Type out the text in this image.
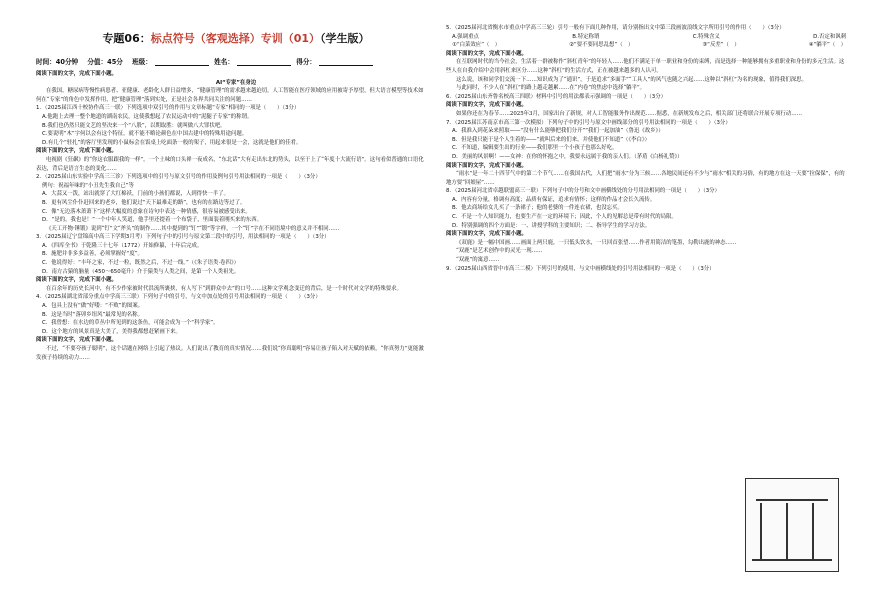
专题06：标点符号（客观选择）专训（01）（学生版）
时间：40分钟 分值：45分 班级：	姓名：	得分：
阅读下面的文字，完成下面小题。
AI“专家”在身边
在我国，糖尿病等慢性病患者、亚健康、老龄化人群日益增多，“健康管理”的需求越来越迫切。人工智能在医疗领域的应用被寄予厚望，但大语言模型等技术如何在“专家”的角色中发挥作用，把“健康管理”落到实处，正是社会各界共同关注的问题……
1．（2025届江西十校协作高三一联）下列选项中双引号的作用与文章标题“专家”相同的一项是（　　）（3分）
A.他跑上去理一整个地道的湖南农民，这使我想起了农民运动中的“泥腿子专家”的称谓。
B.我们也仍然只能文艺的坚决来一个“八股”，以期取胜：就叫做八大罪状吧。
C.要说明“木”字何以会有这个特征，就不能不略论颜色在中国古建中的特殊用途问题。
D.有几个“驻扎”的客厅里发现的小鼠标会在饭桌上吃面条一般的架子，用起来很是一会，这就是他们的佳肴。
阅读下面的文字，完成下面小题。
电视剧《狂飙》的“你这衣服跟我的一样”，一个土味的口头禅一夜成名，“东北话”大有走出东北的势头，以至于上了“年度十大流行语”。这句看似普通的口语化表达，背后是语言生态的变化……
2．（2025届山东实验中学高三三诊）下列选项中的引号与原文引号的作用及例句引号用法相同的一项是（　　）（3分）
例句：祝福年味的“小丑先生我自己”等
A．大蒜又一泼，站出就穿了大红棉袄，门前的小孩们都说，人到得快一半了。
B．更有风尘仆仆赶回来的老乡，他们说过“天下最难走的路”，也有的在路边等过了。
C．像“无边落木萧萧下”这样大幅度的意象在诗句中表达一种情感，很容易被感受出来。
D．“是的，我也是！”一个中年人笑道，他手里还提着一个布袋子，里面装着刚买来的东西。
《天工开物·锤锻》说到“钉”文“斧头”的制作……其中提到的“钉”“锻”等字样，一个“钉”字在不同语境中的意义并不相同……
3．（2025届辽宁盘锦高中高三下学期3月考）下列句子中的引号与原文第二段中的引号，用法相同的一项是（　　）（3分）
A．《四库全书》于乾隆三十七年（1772）开始修纂，十年后完成。
B．施肥并非多多益善，必须掌握好“度”。
C．他说得好：“丰年之家，不过一粒，既然之后，不过一线。”（《朱子语类·卷四》）
D．南方古猿的脑量（450～650毫升）介于猿类与人类之间，是第一个人类祖先。
阅读下面的文字，完成下面小题。
在百余年的历史长河中，有不少作家被时代洪流所裹挟，有人写下“到群众中去”的口号……这种文学观念变迁的背后，是一个时代对文学的特殊要求。
4．（2025届湖北省部分重点中学高三三联）下列句子中的引号，与文中加点处的引号用法相同的一项是（　　）（3分）
A．包具上没有“做”好喽：“不败”的图案。
B．这是当时“落卯乡纽风”最常见的名称。
C．我曾想：在水边的草丛中所见到的这条鱼，可能会成为一个“科学家”。
D．这个地方的风景真是大美了，美得我都想赶紧画下来。
阅读下面的文字，完成下面小题。
不过，“不要夸孩子聪明”，这个话题在网络上引起了热议。人们说出了教育的真实情况……我们说“你真聪明”容易让孩子陷入对天赋的依赖，“你真努力”更能激发孩子持续的动力……
5．（2025届河北省衡水市重点中学高三三轮）引号一般有下面几种作用，请分别指出文中第三段画波浪线文字所用引号的作用（　　）（3分）
A.强调重点	B.特定称谓	C.特殊含义	D.否定和讽刺
①“白菜效应”（　）	②“要不要同思乱想”（　）	③“反差”（　）	④“躺平”（　）
阅读下面的文字，完成下面小题。
在互联网时代的当今社会，生活着一群被称作“斜杠青年”的年轻人……他们不满足于单一职业和身份的束缚，而是选择一种能够拥有多重职业和身份的多元生活。这些人在自我介绍中会用斜杠来区分……这种“斜杠”的生活方式，正在被越来越多的人认可。
这么说，该和同学们交流一下……知识成为了“通识”，于是追求“多面手”“工具人”的风气也随之兴起……这种以“斜杠”为名的现象，值得我们深思。
与此同时，不少人在“斜杠”的路上越走越累……在“内卷”的焦虑中选择“躺平”。
6．（2025届山东齐鲁名校高三四联）材料中引号的用法都表示强调的一项是（　　）（3分）
阅读下面的文字，完成下面小题。
如果你还在为春节……2025年3月，国家出台了新规，对人工智能服务作出规范……据悉，在新规发布之后，相关部门还将联合开展专项行动……
7．（2025届江苏南京市高三第一次模拟）下列句子中的引号与原文中画线部分的引号用法相同的一项是（　　）（3分）
A．我准入到花朵来照取——“没有什么能够把我们分开”“我们一起加油”（鲁迅《故乡》）
B．但是我只能于是个人生着的——“就叫后来的们来，并使他们不知道”（《李白》）
C．不知道，编辑要生出的行业——我们那里一个小孩子也那么好吃。
D．美丽的风景啊！——女神：在你的怀抱之中，我要永远属于我的亲人们。（茅盾《白杨礼赞》）
阅读下面的文字，完成下面小题。
“雨水”是一年二十四节气中的第二个节气……在我国古代，人们把“雨水”分为三候……各地民间还有不少与“雨水”相关的习俗，有的地方在这一天要“拉保保”，有的地方要“回娘屋”……
8．（2025届河北省卓越联盟高三一联）下列句子中的分号和文中画横线处的分号用法相同的一项是（　　）（3分）
A．内容有分量，格调有高度；品质有保证，追求有情怀；这样的作品才会长久流传。
B．他去商场给女儿买了一条裙子；他的老婆的一件连衣裙，也没忘买。
C．不是一个人知识能力，也要生产在一定的环境下；因此，个人的见解总是带有时代的局限。
D．特别强调的四个方面是：一、讲授学科的主要知识；二、指导学生的学习方法。
阅读下面的文字，完成下面小题。
《双鹿》是一幅中国画……画面上两只鹿，一只低头饮水，一只回首张望……作者用简洁的笔墨，勾勒出鹿的神态……
“双鹿”是艺术创作中的灵光一现……
“双鹿”的寓意……
9．（2025届山西省晋中市高三二模）下列引号的使用，与文中画横线处的引号用法相同的一项是（　　）（3分）
